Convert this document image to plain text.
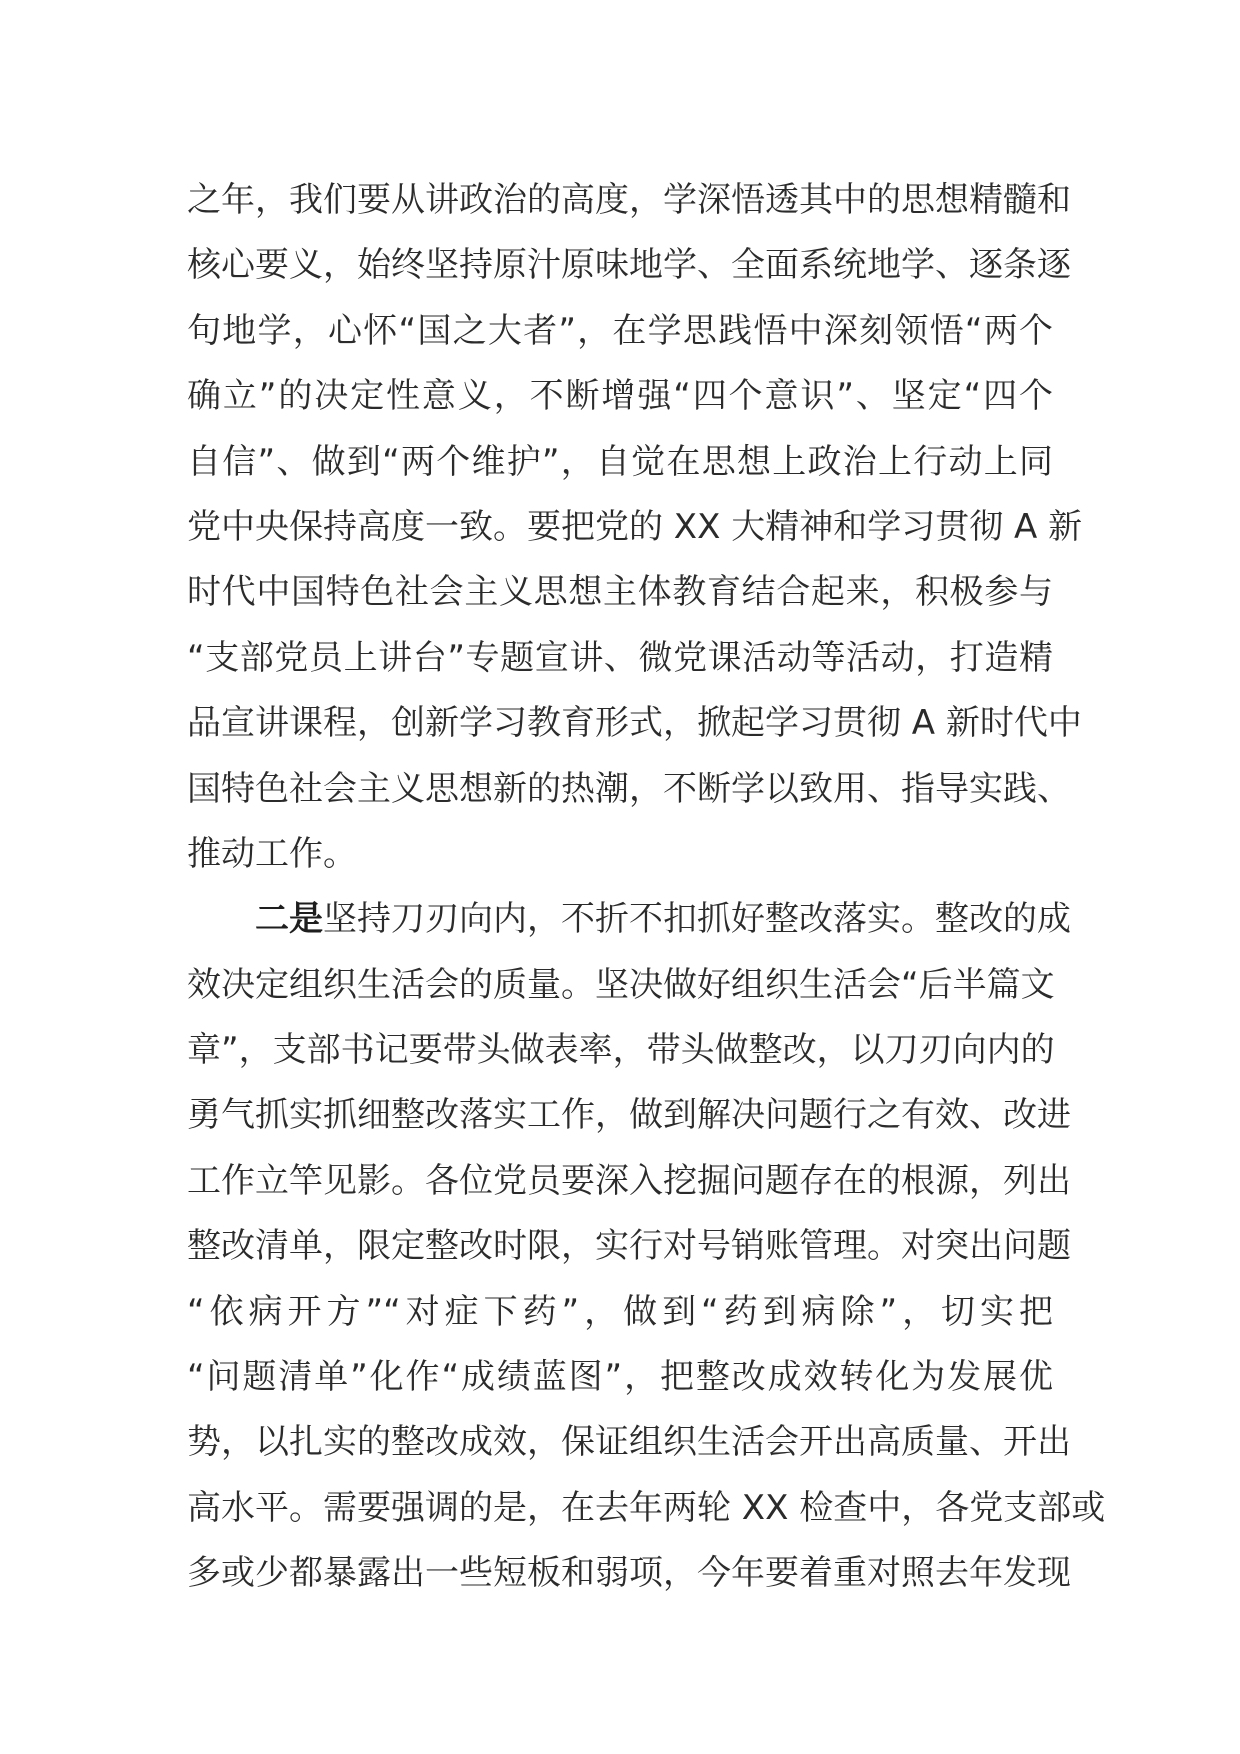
之年，我们要从讲政治的高度，学深悟透其中的思想精髓和
核心要义，始终坚持原汁原味地学、全面系统地学、逐条逐
句地学，心怀“国之大者”，在学思践悟中深刻领悟“两个
确立”的决定性意义，不断增强“四个意识”、坚定“四个
自信”、做到“两个维护”，自觉在思想上政治上行动上同
党中央保持高度一致。要把党的 XX 大精神和学习贯彻 A 新
时代中国特色社会主义思想主体教育结合起来，积极参与
“支部党员上讲台”专题宣讲、微党课活动等活动，打造精
品宣讲课程，创新学习教育形式，掀起学习贯彻 A 新时代中
国特色社会主义思想新的热潮，不断学以致用、指导实践、
推动工作。
二是坚持刀刃向内，不折不扣抓好整改落实。整改的成
效决定组织生活会的质量。坚决做好组织生活会“后半篇文
章”，支部书记要带头做表率，带头做整改，以刀刃向内的
勇气抓实抓细整改落实工作，做到解决问题行之有效、改进
工作立竿见影。各位党员要深入挖掘问题存在的根源，列出
整改清单，限定整改时限，实行对号销账管理。对突出问题
“依病开方”“对症下药”，做到“药到病除”，切实把
“问题清单”化作“成绩蓝图”，把整改成效转化为发展优
势，以扎实的整改成效，保证组织生活会开出高质量、开出
高水平。需要强调的是，在去年两轮 XX 检查中，各党支部或
多或少都暴露出一些短板和弱项，今年要着重对照去年发现
